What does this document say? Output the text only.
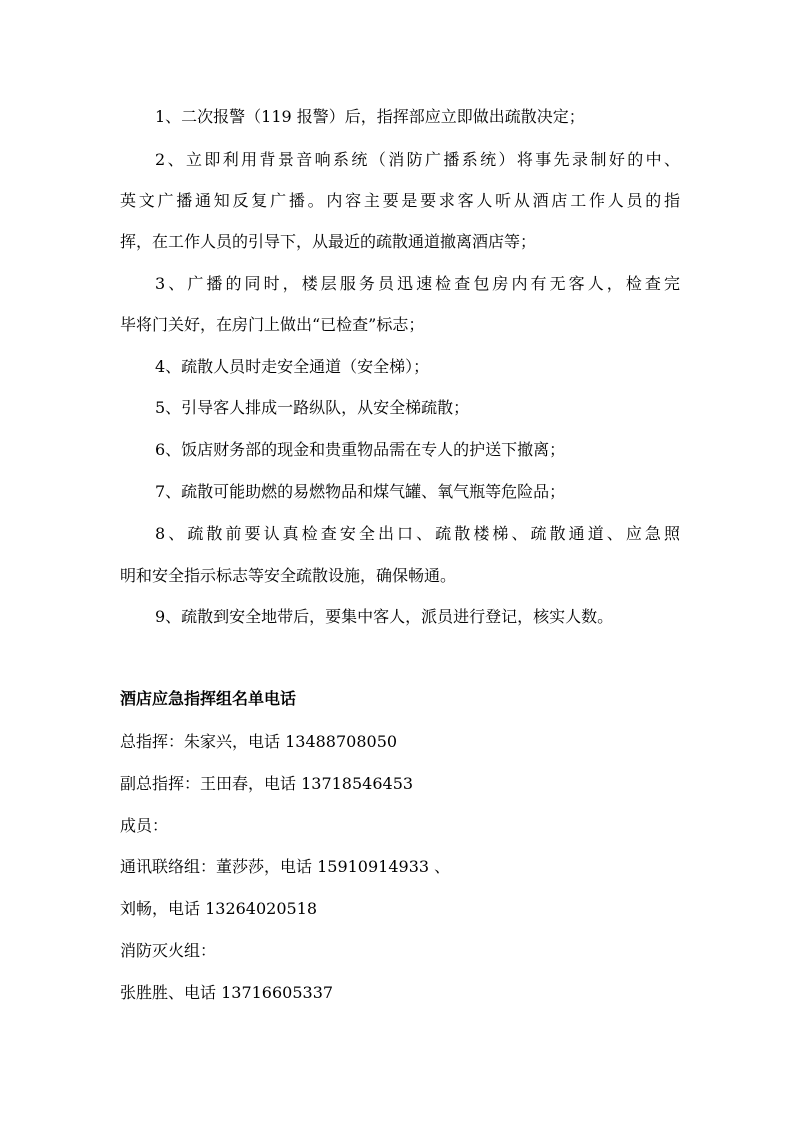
1、二次报警（119 报警）后，指挥部应立即做出疏散决定；
2、立即利用背景音响系统（消防广播系统）将事先录制好的中、
英文广播通知反复广播。内容主要是要求客人听从酒店工作人员的指
挥，在工作人员的引导下，从最近的疏散通道撤离酒店等；
3、广播的同时，楼层服务员迅速检查包房内有无客人，检查完
毕将门关好，在房门上做出“已检查”标志；
4、疏散人员时走安全通道（安全梯）；
5、引导客人排成一路纵队，从安全梯疏散；
6、饭店财务部的现金和贵重物品需在专人的护送下撤离；
7、疏散可能助燃的易燃物品和煤气罐、氧气瓶等危险品；
8、疏散前要认真检查安全出口、疏散楼梯、疏散通道、应急照
明和安全指示标志等安全疏散设施，确保畅通。
9、疏散到安全地带后，要集中客人，派员进行登记，核实人数。
酒店应急指挥组名单电话
总指挥：朱家兴，电话 13488708050
副总指挥：王田春，电话 13718546453
成员：
通讯联络组：董莎莎，电话 15910914933 、
刘畅，电话 13264020518
消防灭火组：
张胜胜、电话 13716605337
